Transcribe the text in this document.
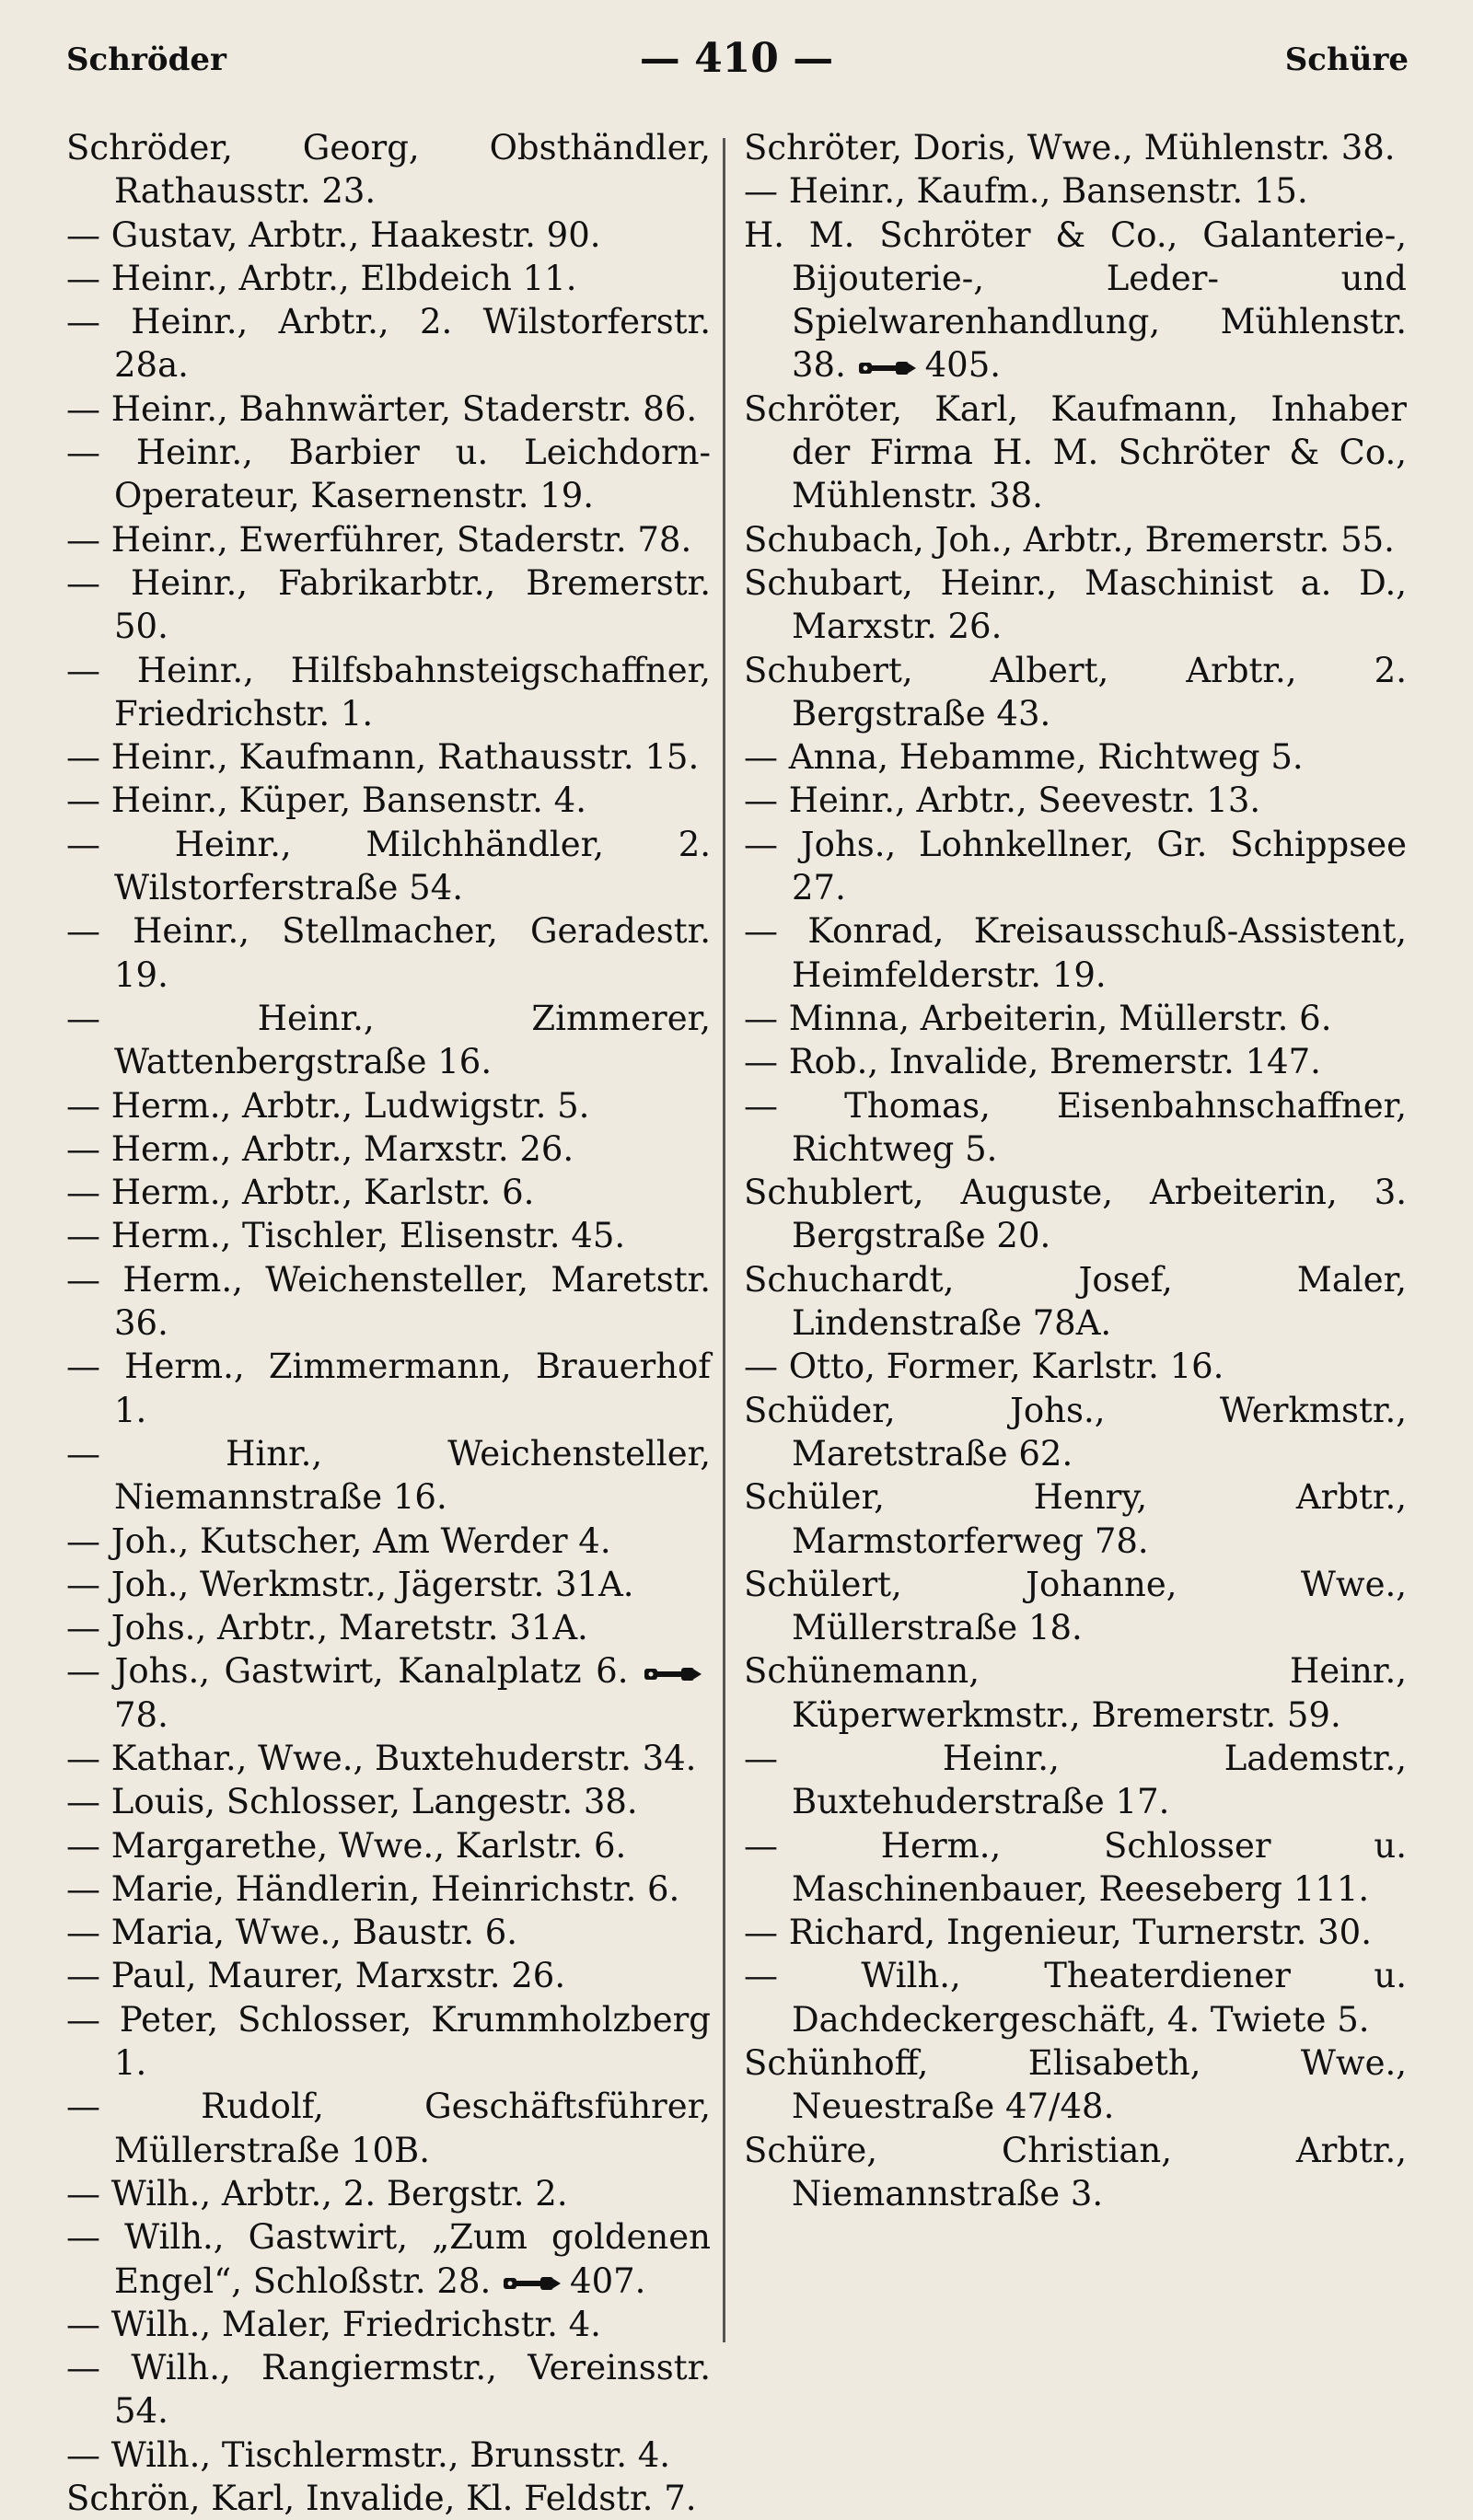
Schröder	— 410 —	Schüre
Schröder, Georg, Obsthändler, Rathausstr. 23.
— Gustav, Arbtr., Haakestr. 90.
— Heinr., Arbtr., Elbdeich 11.
— Heinr., Arbtr., 2. Wilstorferstr. 28a.
— Heinr., Bahnwärter, Staderstr. 86.
— Heinr., Barbier u. Leichdorn-Operateur, Kasernenstr. 19.
— Heinr., Ewerführer, Staderstr. 78.
— Heinr., Fabrikarbtr., Bremerstr. 50.
— Heinr., Hilfsbahnsteigschaffner, Friedrichstr. 1.
— Heinr., Kaufmann, Rathausstr. 15.
— Heinr., Küper, Bansenstr. 4.
— Heinr., Milchhändler, 2. Wilstorferstraße 54.
— Heinr., Stellmacher, Geradestr. 19.
— Heinr., Zimmerer, Wattenbergstraße 16.
— Herm., Arbtr., Ludwigstr. 5.
— Herm., Arbtr., Marxstr. 26.
— Herm., Arbtr., Karlstr. 6.
— Herm., Tischler, Elisenstr. 45.
— Herm., Weichensteller, Maretstr. 36.
— Herm., Zimmermann, Brauerhof 1.
— Hinr., Weichensteller, Niemannstraße 16.
— Joh., Kutscher, Am Werder 4.
— Joh., Werkmstr., Jägerstr. 31A.
— Johs., Arbtr., Maretstr. 31A.
— Johs., Gastwirt, Kanalplatz 6.
78.
— Kathar., Wwe., Buxtehuderstr. 34.
— Louis, Schlosser, Langestr. 38.
— Margarethe, Wwe., Karlstr. 6.
— Marie, Händlerin, Heinrichstr. 6.
— Maria, Wwe., Baustr. 6.
— Paul, Maurer, Marxstr. 26.
— Peter, Schlosser, Krummholzberg 1.
— Rudolf, Geschäftsführer, Müllerstraße 10B.
— Wilh., Arbtr., 2. Bergstr. 2.
— Wilh., Gastwirt, „Zum goldenen Engel“, Schloßstr. 28. 407.
— Wilh., Maler, Friedrichstr. 4.
— Wilh., Rangiermstr., Vereinsstr. 54.
— Wilh., Tischlermstr., Brunsstr. 4.
Schrön, Karl, Invalide, Kl. Feldstr. 7.
Schröter, Doris, Wwe., Mühlenstr. 38.
— Heinr., Kaufm., Bansenstr. 15.
H. M. Schröter & Co., Galanterie-, Bijouterie-, Leder- und Spielwarenhandlung, Mühlenstr. 38. 405.
Schröter, Karl, Kaufmann, Inhaber der Firma H. M. Schröter & Co., Mühlenstr. 38.
Schubach, Joh., Arbtr., Bremerstr. 55.
Schubart, Heinr., Maschinist a. D., Marxstr. 26.
Schubert, Albert, Arbtr., 2. Bergstraße 43.
— Anna, Hebamme, Richtweg 5.
— Heinr., Arbtr., Seevestr. 13.
— Johs., Lohnkellner, Gr. Schippsee 27.
— Konrad, Kreisausschuß-Assistent, Heimfelderstr. 19.
— Minna, Arbeiterin, Müllerstr. 6.
— Rob., Invalide, Bremerstr. 147.
— Thomas, Eisenbahnschaffner, Richtweg 5.
Schublert, Auguste, Arbeiterin, 3. Bergstraße 20.
Schuchardt, Josef, Maler, Lindenstraße 78A.
— Otto, Former, Karlstr. 16.
Schüder, Johs., Werkmstr., Maretstraße 62.
Schüler, Henry, Arbtr., Marmstorferweg 78.
Schülert, Johanne, Wwe., Müllerstraße 18.
Schünemann, Heinr., Küperwerkmstr., Bremerstr. 59.
— Heinr., Lademstr., Buxtehuderstraße 17.
— Herm., Schlosser u. Maschinenbauer, Reeseberg 111.
— Richard, Ingenieur, Turnerstr. 30.
— Wilh., Theaterdiener u. Dachdeckergeschäft, 4. Twiete 5.
Schünhoff, Elisabeth, Wwe., Neuestraße 47/48.
Schüre, Christian, Arbtr., Niemannstraße 3.
